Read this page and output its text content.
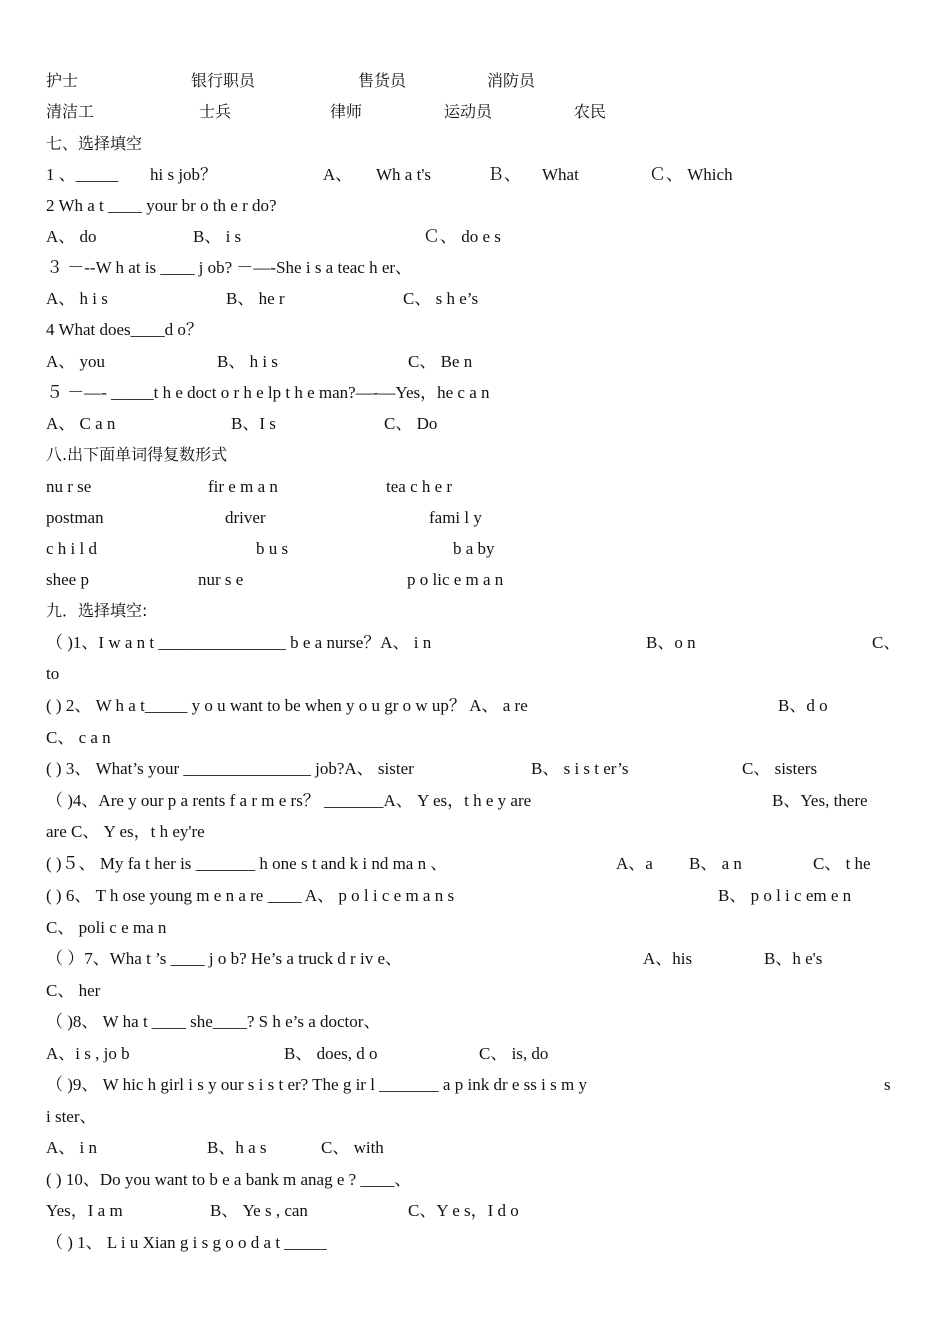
护士	银行职员	售货员	消防员
清洁工	士兵	律师	运动员	农民
七、选择填空
1 、_____ hi s job？	A、 Wh a t's	Ｂ、 What	Ｃ、 Which
2 Wh a t ____ your br o th e r do?
A、 do	B、 i s	Ｃ、 do e s
３ －--W h at is ____ j ob? －—-She i s a teac h er、
A、 h i s	B、 he r	C、 s h e’s
4 What does____d o？
A、 you	B、 h i s	C、 Be n
５ －—- _____t h e doct o r h e lp t h e man?—-—Yes，he c a n
A、 C a n	B、I s	C、 Do
八.出下面单词得复数形式
nu r se	fir e m a n	tea c h e r
postman	driver	fami l y
c h i l d	b u s	b a by
shee p	nur s e	p o lic e m a n
九．选择填空:
（ )1、I w a n t _______________ b e a nurse？A、 i n	B、o n	C、
to
( ) 2、 W h a t_____ y o u want to be when y o u gr o w up？ A、 a re	B、d o
C、 c a n
( ) 3、 What’s your _______________ job?A、 sister	B、 s i s t er’s	C、 sisters
（ )4、Are y our p a rents f a r m e rs？ _______A、 Y es，t h e y are	B、Yes, there
are C、 Y es，t h ey're
( )５、 My fa t her is _______ h one s t and k i nd ma n 、	A、a B、 a n	C、 t he
( ) 6、 T h ose young m e n a re ____ A、 p o l i c e m a n s	B、 p o l i c em e n
C、 poli c e ma n
（ ）7、Wha t ’s ____ j o b? He’s a truck d r iv e、	A、his	B、h e's
C、 her
（ )8、 W ha t ____ she____? S h e’s a doctor、
A、i s , jo b	B、 does, d o	C、 is, do
（ )9、 W hic h girl i s y our s i s t er? The g ir l _______ a p ink dr e ss i s m y	s
i ster、
A、 i n	B、h a s	C、 with
( ) 10、Do you want to b e a bank m anag e ? ____、
Yes，I a m	B、 Ye s , can	C、Y e s，I d o
（ ) 1、 L i u Xian g i s g o o d a t _____
